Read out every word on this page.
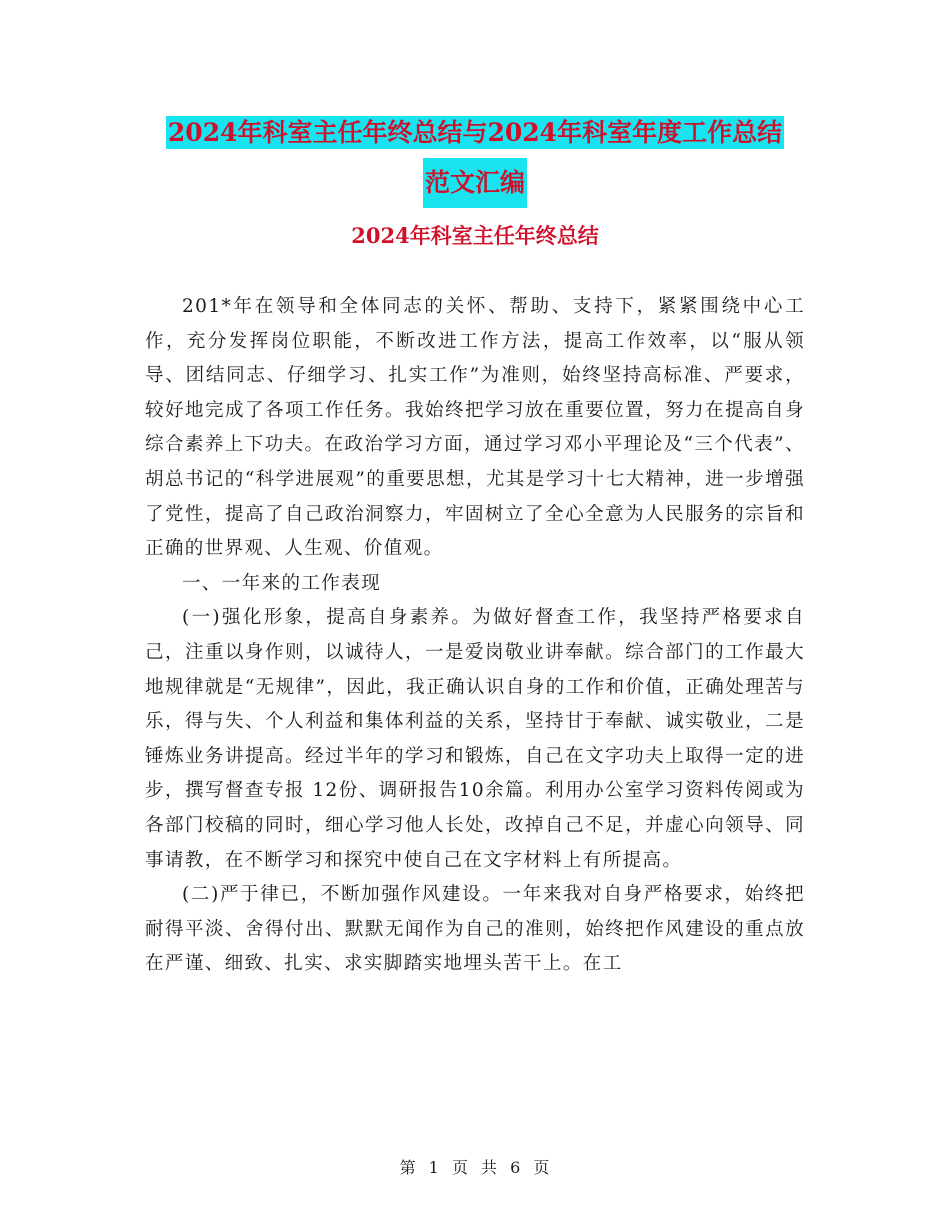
2024年科室主任年终总结与2024年科室年度工作总结
范文汇编
2024年科室主任年终总结

201*年在领导和全体同志的关怀、帮助、支持下，紧紧围绕中心工作，充分发挥岗位职能，不断改进工作方法，提高工作效率，以“服从领导、团结同志、仔细学习、扎实工作”为准则，始终坚持高标准、严要求，较好地完成了各项工作任务。我始终把学习放在重要位置，努力在提高自身综合素养上下功夫。在政治学习方面，通过学习邓小平理论及“三个代表”、胡总书记的“科学进展观”的重要思想，尤其是学习十七大精神，进一步增强了党性，提高了自己政治洞察力，牢固树立了全心全意为人民服务的宗旨和正确的世界观、人生观、价值观。

一、一年来的工作表现

(一)强化形象，提高自身素养。为做好督查工作，我坚持严格要求自己，注重以身作则，以诚待人，一是爱岗敬业讲奉献。综合部门的工作最大地规律就是“无规律”，因此，我正确认识自身的工作和价值，正确处理苦与乐，得与失、个人利益和集体利益的关系，坚持甘于奉献、诚实敬业，二是锤炼业务讲提高。经过半年的学习和锻炼，自己在文字功夫上取得一定的进步，撰写督查专报 12份、调研报告10余篇。利用办公室学习资料传阅或为各部门校稿的同时，细心学习他人长处，改掉自己不足，并虚心向领导、同事请教，在不断学习和探究中使自己在文字材料上有所提高。

(二)严于律已，不断加强作风建设。一年来我对自身严格要求，始终把耐得平淡、舍得付出、默默无闻作为自己的准则，始终把作风建设的重点放在严谨、细致、扎实、求实脚踏实地埋头苦干上。在工

第 1 页 共 6 页
